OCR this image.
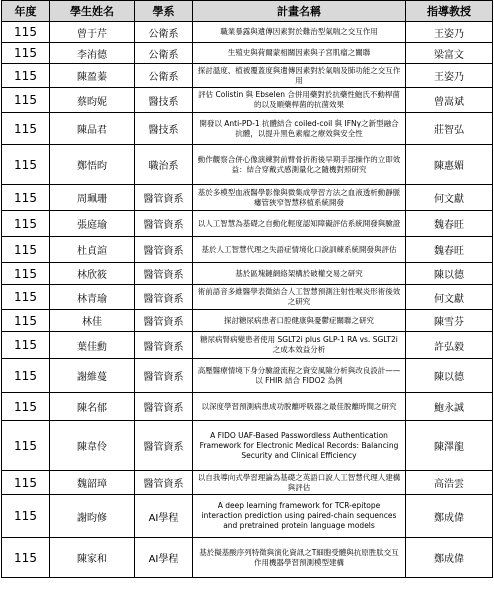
年度	學生姓名	學系	計畫名稱	指導教授
115	曾于芹	公衛系	職業暴露與遺傳因素對於難治型氣喘之交互作用	王姿乃
115	李洧德	公衛系	生殖史與荷爾蒙相關因素與子宮肌瘤之關聯	梁富文
115	陳盈蓁	公衛系	探討溫度、植被覆蓋度與遺傳因素對於氣喘及肺功能之交互作用	王姿乃
115	蔡昀妮	醫技系	評估 Colistin 與 Ebselen 合併用藥對於抗藥性鮑氏不動桿菌的以及順藥桿菌的抗菌效果	曾嵩斌
115	陳品君	醫技系	開發以 Anti-PD-1 抗體結合 coiled-coil 與 IFNγ之新型融合抗體，以提升黑色素瘤之療效與安全性	莊智弘
115	鄭悟昀	職治系	動作觀察合併心像演練對前臂骨折術後早期手部操作的立即效益：結合穿戴式感測量化之隨機對照研究	陳惠媚
115	周珮珊	醫管資系	基於多模型血液醫學影像與微集成學習方法之血液透析動靜脈瘻管狹窄智慧移植系統開發	何文獻
115	張庭瑜	醫管資系	以人工智慧為基礎之自動化輕度認知障礙評估系統開發與驗證	魏春旺
115	杜貞諠	醫管資系	基於人工智慧代理之失語症情境化口說訓練系統開發與評估	魏春旺
115	林欣筱	醫管資系	基於區塊鏈網絡架構於破權交易之研究	陳以德
115	林青瑜	醫管資系	術前語音多維醫學表徵結合人工智慧預測注射性喉炎形術後效之研究	何文獻
115	林佳	醫管資系	探討糖尿病患者口腔健康與憂鬱症關聯之研究	陳雪芬
115	葉佳勳	醫管資系	糖尿病腎病變患者使用 SGLT2i plus GLP-1 RA vs. SGLT2i 之成本效益分析	許弘毅
115	謝維蔓	醫管資系	高壓醫療情境下身分驗證流程之資安風險分析與改良設計——以 FHIR 結合 FIDO2 為例	陳以德
115	陳名郁	醫管資系	以深度學習預測病患成功脫離呼吸器之最佳脫離時間之研究	鮑永誠
115	陳韋伶	醫管資系	A FIDO UAF-Based Passwordless Authentication Framework for Electronic Medical Records: Balancing Security and Clinical Efficiency	陳澤龍
115	魏韶璋	醫管資系	以自我導向式學習理論為基礎之英語口說人工智慧代理人建構與評估	高浩雲
115	謝昀修	AI學程	A deep learning framework for TCR-epitope interaction prediction using paired-chain sequences and pretrained protein language models	鄭成偉
115	陳家和	AI學程	基於擬基酸序列特徵與演化資訊之T細胞受體與抗原胜肽交互作用機器學習預測模型建構	鄭成偉
